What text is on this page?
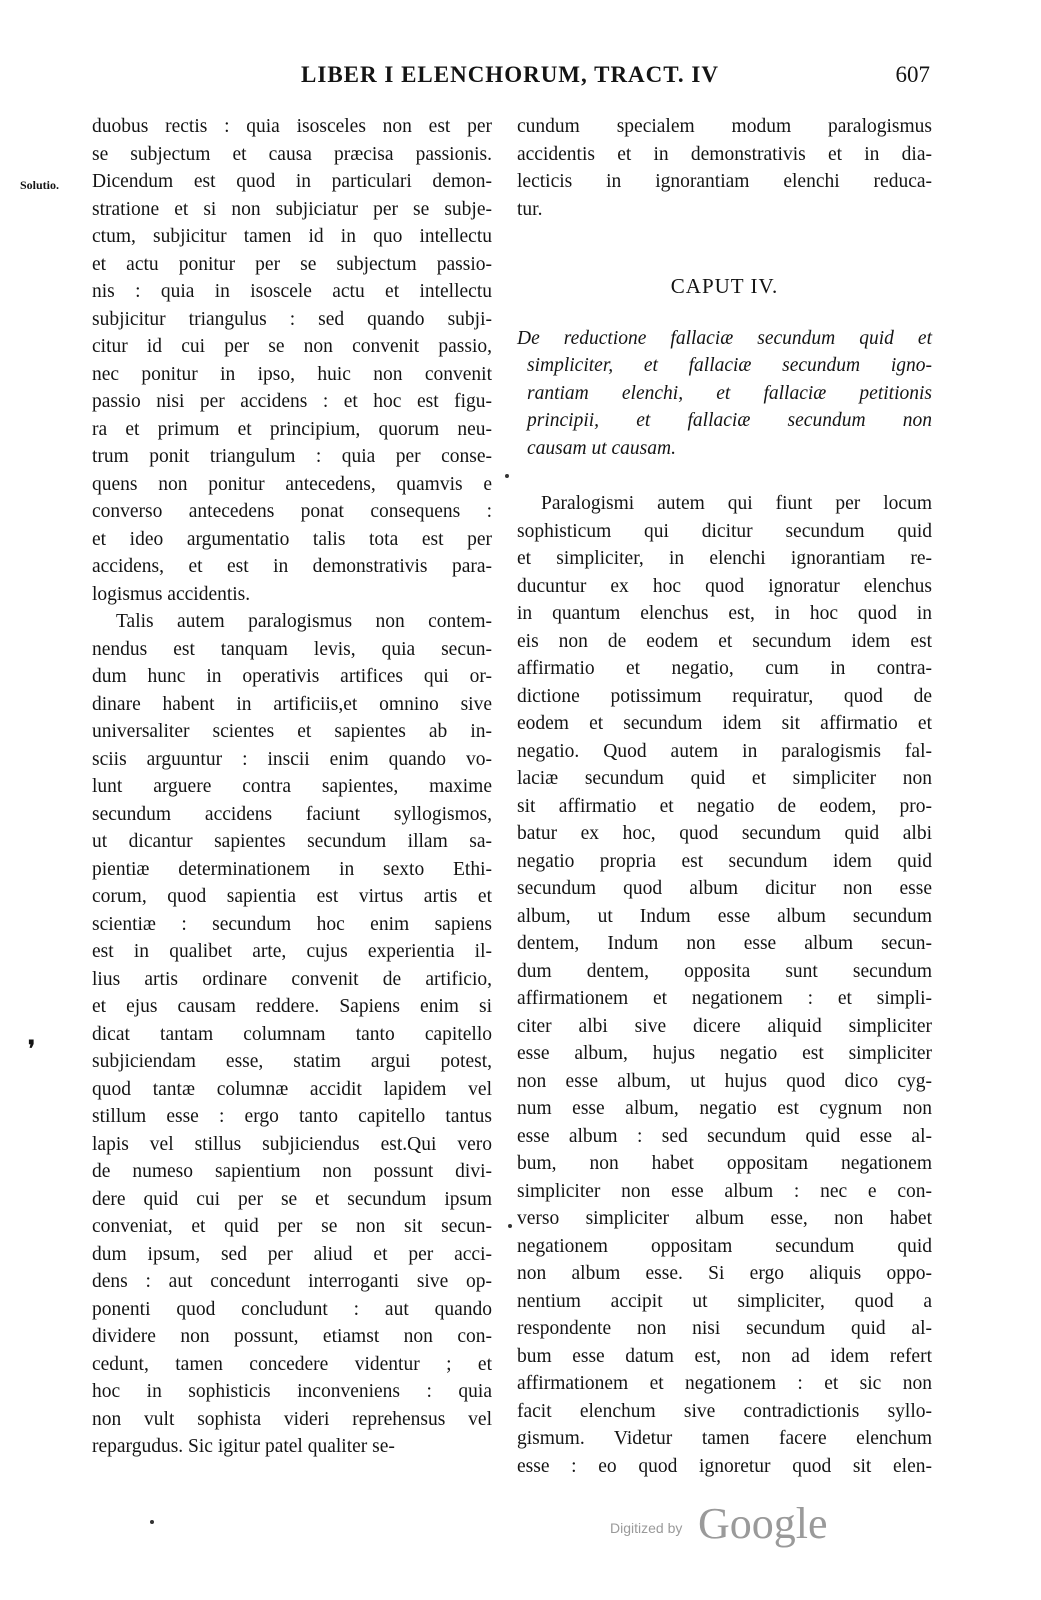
LIBER I ELENCHORUM, TRACT. IV	607
Solutio.

duobus rectis : quia isosceles non est per
se subjectum et causa præcisa passionis.
Dicendum est quod in particulari demon-
stratione et si non subjiciatur per se subje-
ctum, subjicitur tamen id in quo intellectu
et actu ponitur per se subjectum passio-
nis : quia in isoscele actu et intellectu
subjicitur triangulus : sed quando subji-
citur id cui per se non convenit passio,
nec ponitur in ipso, huic non convenit
passio nisi per accidens : et hoc est figu-
ra et primum et principium, quorum neu-
trum ponit triangulum : quia per conse-
quens non ponitur antecedens, quamvis e
converso antecedens ponat consequens :
et ideo argumentatio talis tota est per
accidens, et est in demonstrativis para-
logismus accidentis.

Talis autem paralogismus non contem-
nendus est tanquam levis, quia secun-
dum hunc in operativis artifices qui or-
dinare habent in artificiis,et omnino sive
universaliter scientes et sapientes ab in-
sciis arguuntur : inscii enim quando vo-
lunt arguere contra sapientes, maxime
secundum accidens faciunt syllogismos,
ut dicantur sapientes secundum illam sa-
pientiæ determinationem in sexto Ethi-
corum, quod sapientia est virtus artis et
scientiæ : secundum hoc enim sapiens
est in qualibet arte, cujus experientia il-
lius artis ordinare convenit de artificio,
et ejus causam reddere. Sapiens enim si
dicat tantam columnam tanto capitello
subjiciendam esse, statim argui potest,
quod tantæ columnæ accidit lapidem vel
stillum esse : ergo tanto capitello tantus
lapis vel stillus subjiciendus est.Qui vero
de numeso sapientium non possunt divi-
dere quid cui per se et secundum ipsum
conveniat, et quid per se non sit secun-
dum ipsum, sed per aliud et per acci-
dens : aut concedunt interroganti sive op-
ponenti quod concludunt : aut quando
dividere non possunt, etiamst non con-
cedunt, tamen concedere videntur ; et
hoc in sophisticis inconveniens : quia
non vult sophista videri reprehensus vel
repargudus. Sic igitur patel qualiter se-

cundum specialem modum paralogismus
accidentis et in demonstrativis et in dia-
lecticis in ignorantiam elenchi reduca-
tur.

CAPUT IV.
De reductione fallaciæ secundum quid et
simpliciter, et fallaciæ secundum igno-
rantiam elenchi, et fallaciæ petitionis
principii, et fallaciæ secundum non
causam ut causam.

Paralogismi autem qui fiunt per locum
sophisticum qui dicitur secundum quid
et simpliciter, in elenchi ignorantiam re-
ducuntur ex hoc quod ignoratur elenchus
in quantum elenchus est, in hoc quod in
eis non de eodem et secundum idem est
affirmatio et negatio, cum in contra-
dictione potissimum requiratur, quod de
eodem et secundum idem sit affirmatio et
negatio. Quod autem in paralogismis fal-
laciæ secundum quid et simpliciter non
sit affirmatio et negatio de eodem, pro-
batur ex hoc, quod secundum quid albi
negatio propria est secundum idem quid
secundum quod album dicitur non esse
album, ut Indum esse album secundum
dentem, Indum non esse album secun-
dum dentem, opposita sunt secundum
affirmationem et negationem : et simpli-
citer albi sive dicere aliquid simpliciter
esse album, hujus negatio est simpliciter
non esse album, ut hujus quod dico cyg-
num esse album, negatio est cygnum non
esse album : sed secundum quid esse al-
bum, non habet oppositam negationem
simpliciter non esse album : nec e con-
verso simpliciter album esse, non habet
negationem oppositam secundum quid
non album esse. Si ergo aliquis oppo-
nentium accipit ut simpliciter, quod a
respondente non nisi secundum quid al-
bum esse datum est, non ad idem refert
affirmationem et negationem : et sic non
facit elenchum sive contradictionis syllo-
gismum. Videtur tamen facere elenchum
esse : eo quod ignoretur quod sit elen-

Digitized by Google
❜
